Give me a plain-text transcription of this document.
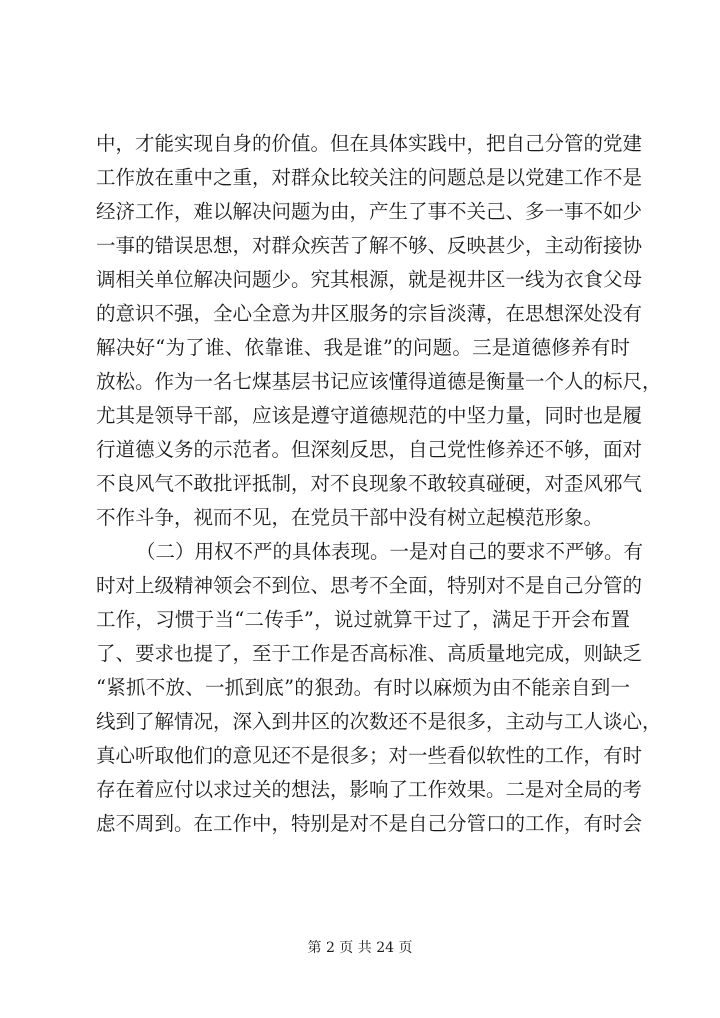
中，才能实现自身的价值。但在具体实践中，把自己分管的党建
工作放在重中之重，对群众比较关注的问题总是以党建工作不是
经济工作，难以解决问题为由，产生了事不关己、多一事不如少
一事的错误思想，对群众疾苦了解不够、反映甚少，主动衔接协
调相关单位解决问题少。究其根源，就是视井区一线为衣食父母
的意识不强，全心全意为井区服务的宗旨淡薄，在思想深处没有
解决好“为了谁、依靠谁、我是谁”的问题。三是道德修养有时
放松。作为一名七煤基层书记应该懂得道德是衡量一个人的标尺，
尤其是领导干部，应该是遵守道德规范的中坚力量，同时也是履
行道德义务的示范者。但深刻反思，自己党性修养还不够，面对
不良风气不敢批评抵制，对不良现象不敢较真碰硬，对歪风邪气
不作斗争，视而不见，在党员干部中没有树立起模范形象。
（二）用权不严的具体表现。一是对自己的要求不严够。有
时对上级精神领会不到位、思考不全面，特别对不是自己分管的
工作，习惯于当“二传手”，说过就算干过了，满足于开会布置
了、要求也提了，至于工作是否高标准、高质量地完成，则缺乏
“紧抓不放、一抓到底”的狠劲。有时以麻烦为由不能亲自到一
线到了解情况，深入到井区的次数还不是很多，主动与工人谈心，
真心听取他们的意见还不是很多；对一些看似软性的工作，有时
存在着应付以求过关的想法，影响了工作效果。二是对全局的考
虑不周到。在工作中，特别是对不是自己分管口的工作，有时会
第 2 页 共 24 页
